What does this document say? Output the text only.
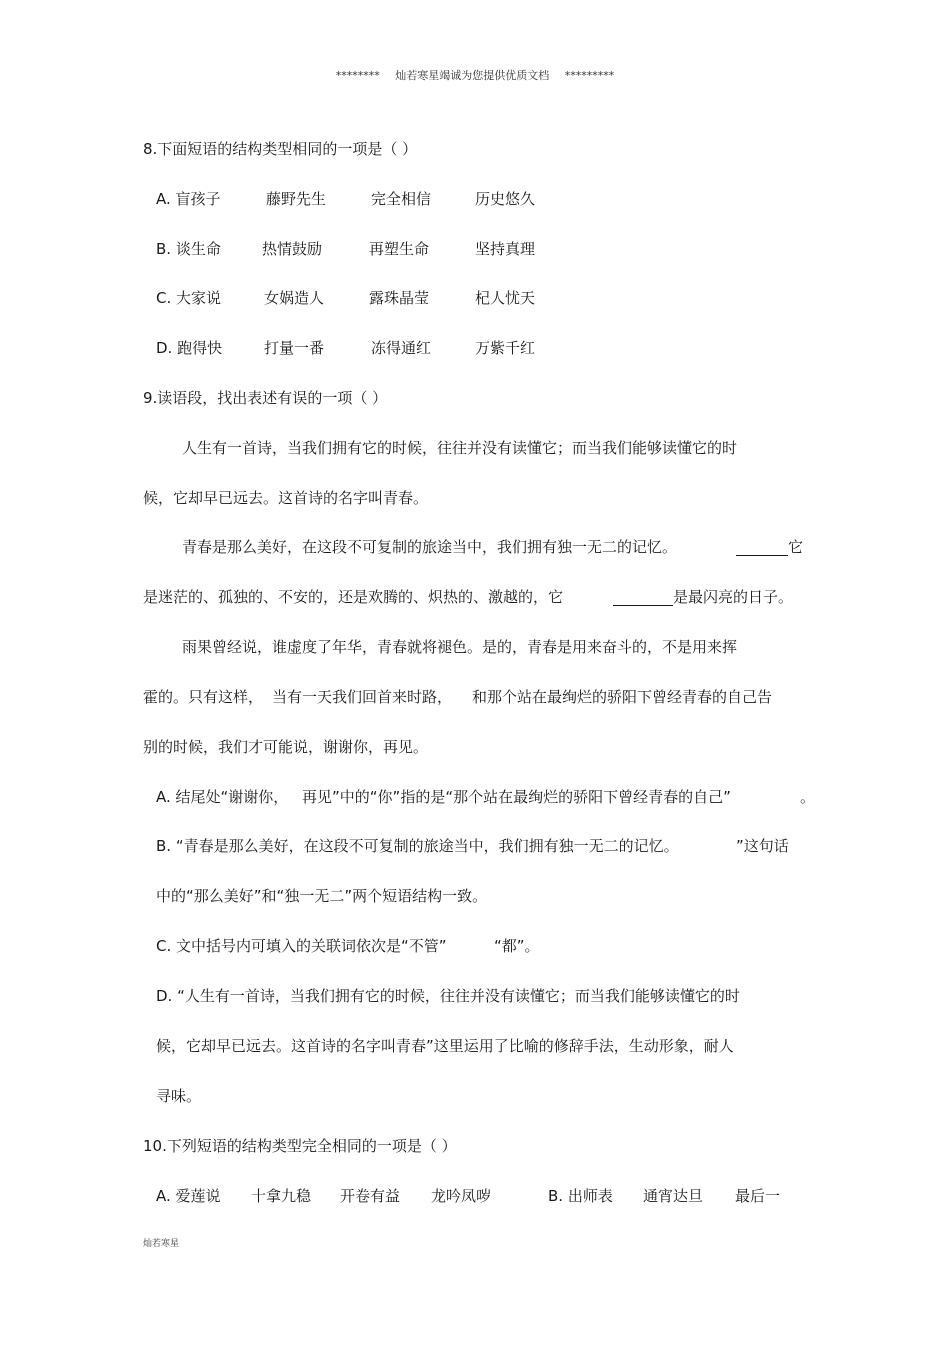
******** 灿若寒星竭诚为您提供优质文档 *********
8.下面短语的结构类型相同的一项是（ ）
A. 盲孩子	藤野先生	完全相信	历史悠久
B. 谈生命	热情鼓励	再塑生命	坚持真理
C. 大家说	女娲造人	露珠晶莹	杞人忧天
D. 跑得快	打量一番	冻得通红	万紫千红
9.读语段，找出表述有误的一项（ ）
人生有一首诗，当我们拥有它的时候，往往并没有读懂它；而当我们能够读懂它的时
候，它却早已远去。这首诗的名字叫青春。
青春是那么美好，在这段不可复制的旅途当中，我们拥有独一无二的记忆。	它
是迷茫的、孤独的、不安的，还是欢腾的、炽热的、激越的，它	是最闪亮的日子。
雨果曾经说，谁虚度了年华，青春就将褪色。是的，青春是用来奋斗的，不是用来挥
霍的。只有这样， 当有一天我们回首来时路， 和那个站在最绚烂的骄阳下曾经青春的自己告
别的时候，我们才可能说，谢谢你，再见。
A. 结尾处“谢谢你， 再见”中的“你”指的是“那个站在最绚烂的骄阳下曾经青春的自己”	。
B. “青春是那么美好，在这段不可复制的旅途当中，我们拥有独一无二的记忆。	”这句话
中的“那么美好”和“独一无二”两个短语结构一致。
C. 文中括号内可填入的关联词依次是“不管”	“都”。
D. “人生有一首诗，当我们拥有它的时候，往往并没有读懂它；而当我们能够读懂它的时
候，它却早已远去。这首诗的名字叫青春”这里运用了比喻的修辞手法，生动形象，耐人
寻味。
10.下列短语的结构类型完全相同的一项是（ ）
A. 爱莲说 十拿九稳 开卷有益 龙吟凤哕	B. 出师表 通宵达旦 最后一
灿若寒星
